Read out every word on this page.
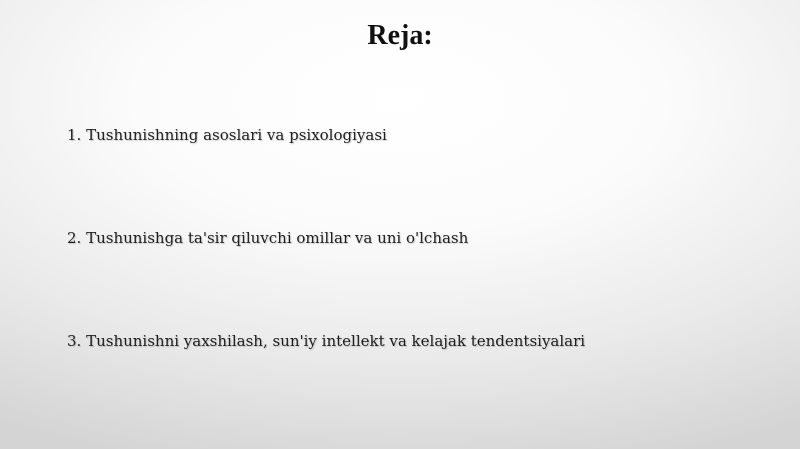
Reja:
1. Tushunishning asoslari va psixologiyasi
2. Tushunishga ta'sir qiluvchi omillar va uni o'lchash
3. Tushunishni yaxshilash, sun'iy intellekt va kelajak tendentsiyalari
